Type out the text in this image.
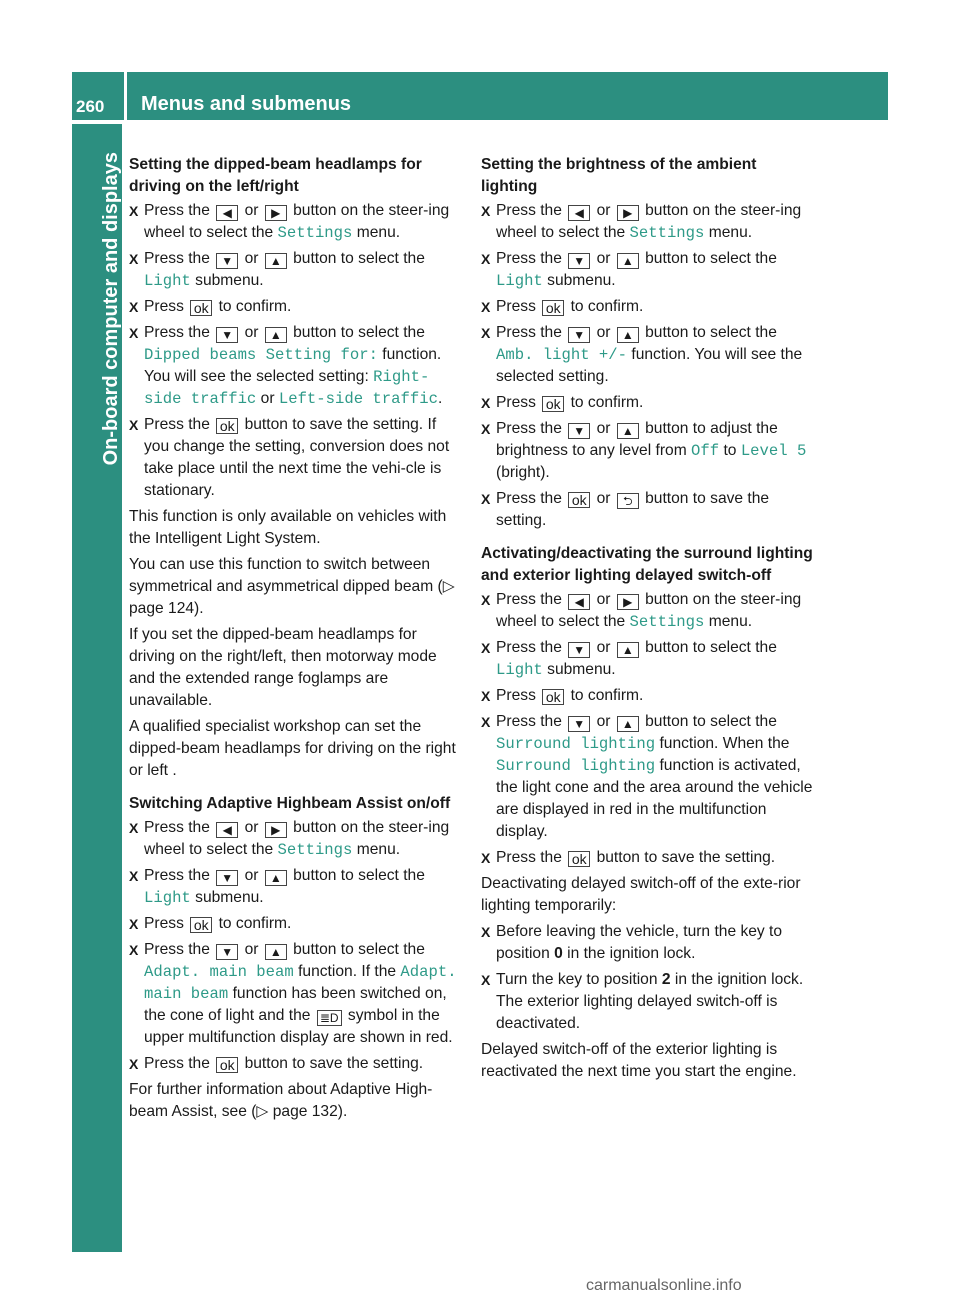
260	Menus and submenus
On-board computer and displays Setting the dipped-beam headlamps for driving on the left/right
X Press the ◀ or ▶ button on the steer-ing wheel to select the Settings menu.
X Press the ▼ or ▲ button to select the Light submenu.
X Press ok to confirm.
X Press the ▼ or ▲ button to select the Dipped beams Setting for: function. You will see the selected setting: Right-side traffic or Left-side traffic.
X Press the ok button to save the setting. If you change the setting, conversion does not take place until the next time the vehi-cle is stationary.
This function is only available on vehicles with the Intelligent Light System.
You can use this function to switch between symmetrical and asymmetrical dipped beam (▷ page 124).
If you set the dipped-beam headlamps for driving on the right/left, then motorway mode and the extended range foglamps are unavailable.
A qualified specialist workshop can set the dipped-beam headlamps for driving on the right or left .
Switching Adaptive Highbeam Assist on/off
X Press the ◀ or ▶ button on the steer-ing wheel to select the Settings menu.
X Press the ▼ or ▲ button to select the Light submenu.
X Press ok to confirm.
X Press the ▼ or ▲ button to select the Adapt. main beam function. If the Adapt. main beam function has been switched on, the cone of light and the ≣D symbol in the upper multifunction display are shown in red.
X Press the ok button to save the setting.
For further information about Adaptive High-beam Assist, see (▷ page 132).
Setting the brightness of the ambient lighting
X Press the ◀ or ▶ button on the steer-ing wheel to select the Settings menu.
X Press the ▼ or ▲ button to select the Light submenu.
X Press ok to confirm.
X Press the ▼ or ▲ button to select the Amb. light +/- function. You will see the selected setting.
X Press ok to confirm.
X Press the ▼ or ▲ button to adjust the brightness to any level from Off to Level 5 (bright).
X Press the ok or ⮌ button to save the setting.
Activating/deactivating the surround lighting and exterior lighting delayed switch-off
X Press the ◀ or ▶ button on the steer-ing wheel to select the Settings menu.
X Press the ▼ or ▲ button to select the Light submenu.
X Press ok to confirm.
X Press the ▼ or ▲ button to select the Surround lighting function. When the Surround lighting function is activated, the light cone and the area around the vehicle are displayed in red in the multifunction display.
X Press the ok button to save the setting.
Deactivating delayed switch-off of the exte-rior lighting temporarily:
X Before leaving the vehicle, turn the key to position 0 in the ignition lock.
X Turn the key to position 2 in the ignition lock. The exterior lighting delayed switch-off is deactivated.
Delayed switch-off of the exterior lighting is reactivated the next time you start the engine.
carmanualsonline.info
